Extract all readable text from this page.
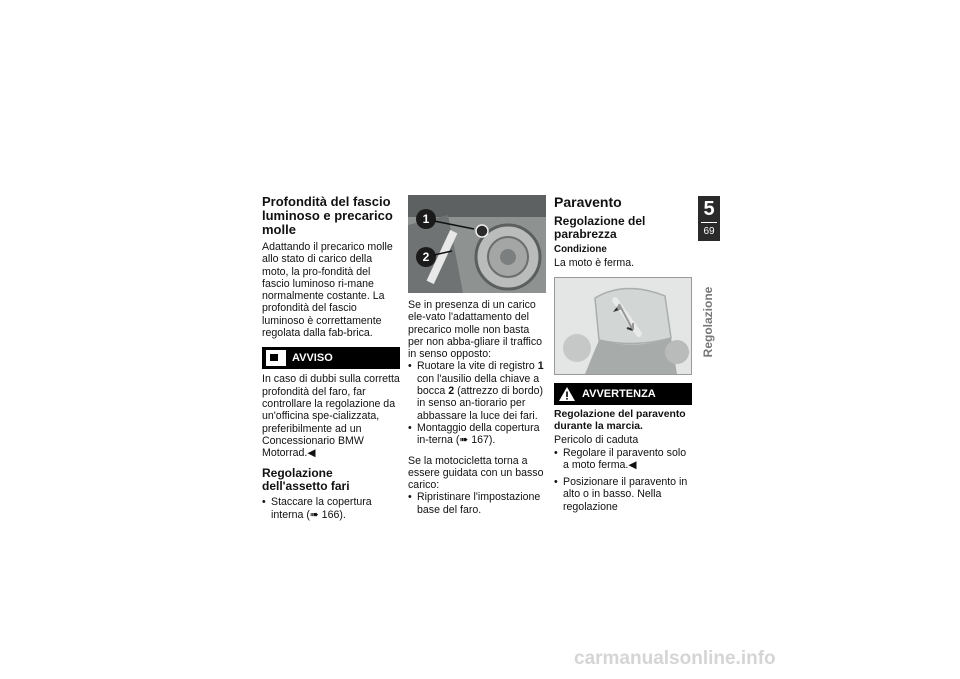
Profondità del fascio luminoso e precarico molle

Adattando il precarico molle allo stato di carico della moto, la pro-fondità del fascio luminoso ri-mane normalmente costante. La profondità del fascio luminoso è correttamente regolata dalla fab-brica.

AVVISO

In caso di dubbi sulla corretta profondità del faro, far controllare la regolazione da un'officina spe-cializzata, preferibilmente ad un Concessionario BMW Motorrad.◀

Regolazione dell'assetto fari
• Staccare la copertura interna (➠ 166).
1
2

Se in presenza di un carico ele-vato l'adattamento del precarico molle non basta per non abba-gliare il traffico in senso opposto:

• Ruotare la vite di registro 1 con l'ausilio della chiave a bocca 2 (attrezzo di bordo) in senso an-tiorario per abbassare la luce dei fari.
• Montaggio della copertura in-terna (➠ 167).

Se la motocicletta torna a essere guidata con un basso carico:

• Ripristinare l'impostazione base del faro.
Paravento
Regolazione del parabrezza
Condizione

La moto è ferma.

AVVERTENZA
Regolazione del paravento durante la marcia.

Pericolo di caduta

• Regolare il paravento solo a moto ferma.◀
• Posizionare il paravento in alto o in basso. Nella regolazione
5
69
Regolazione
carmanualsonline.info
